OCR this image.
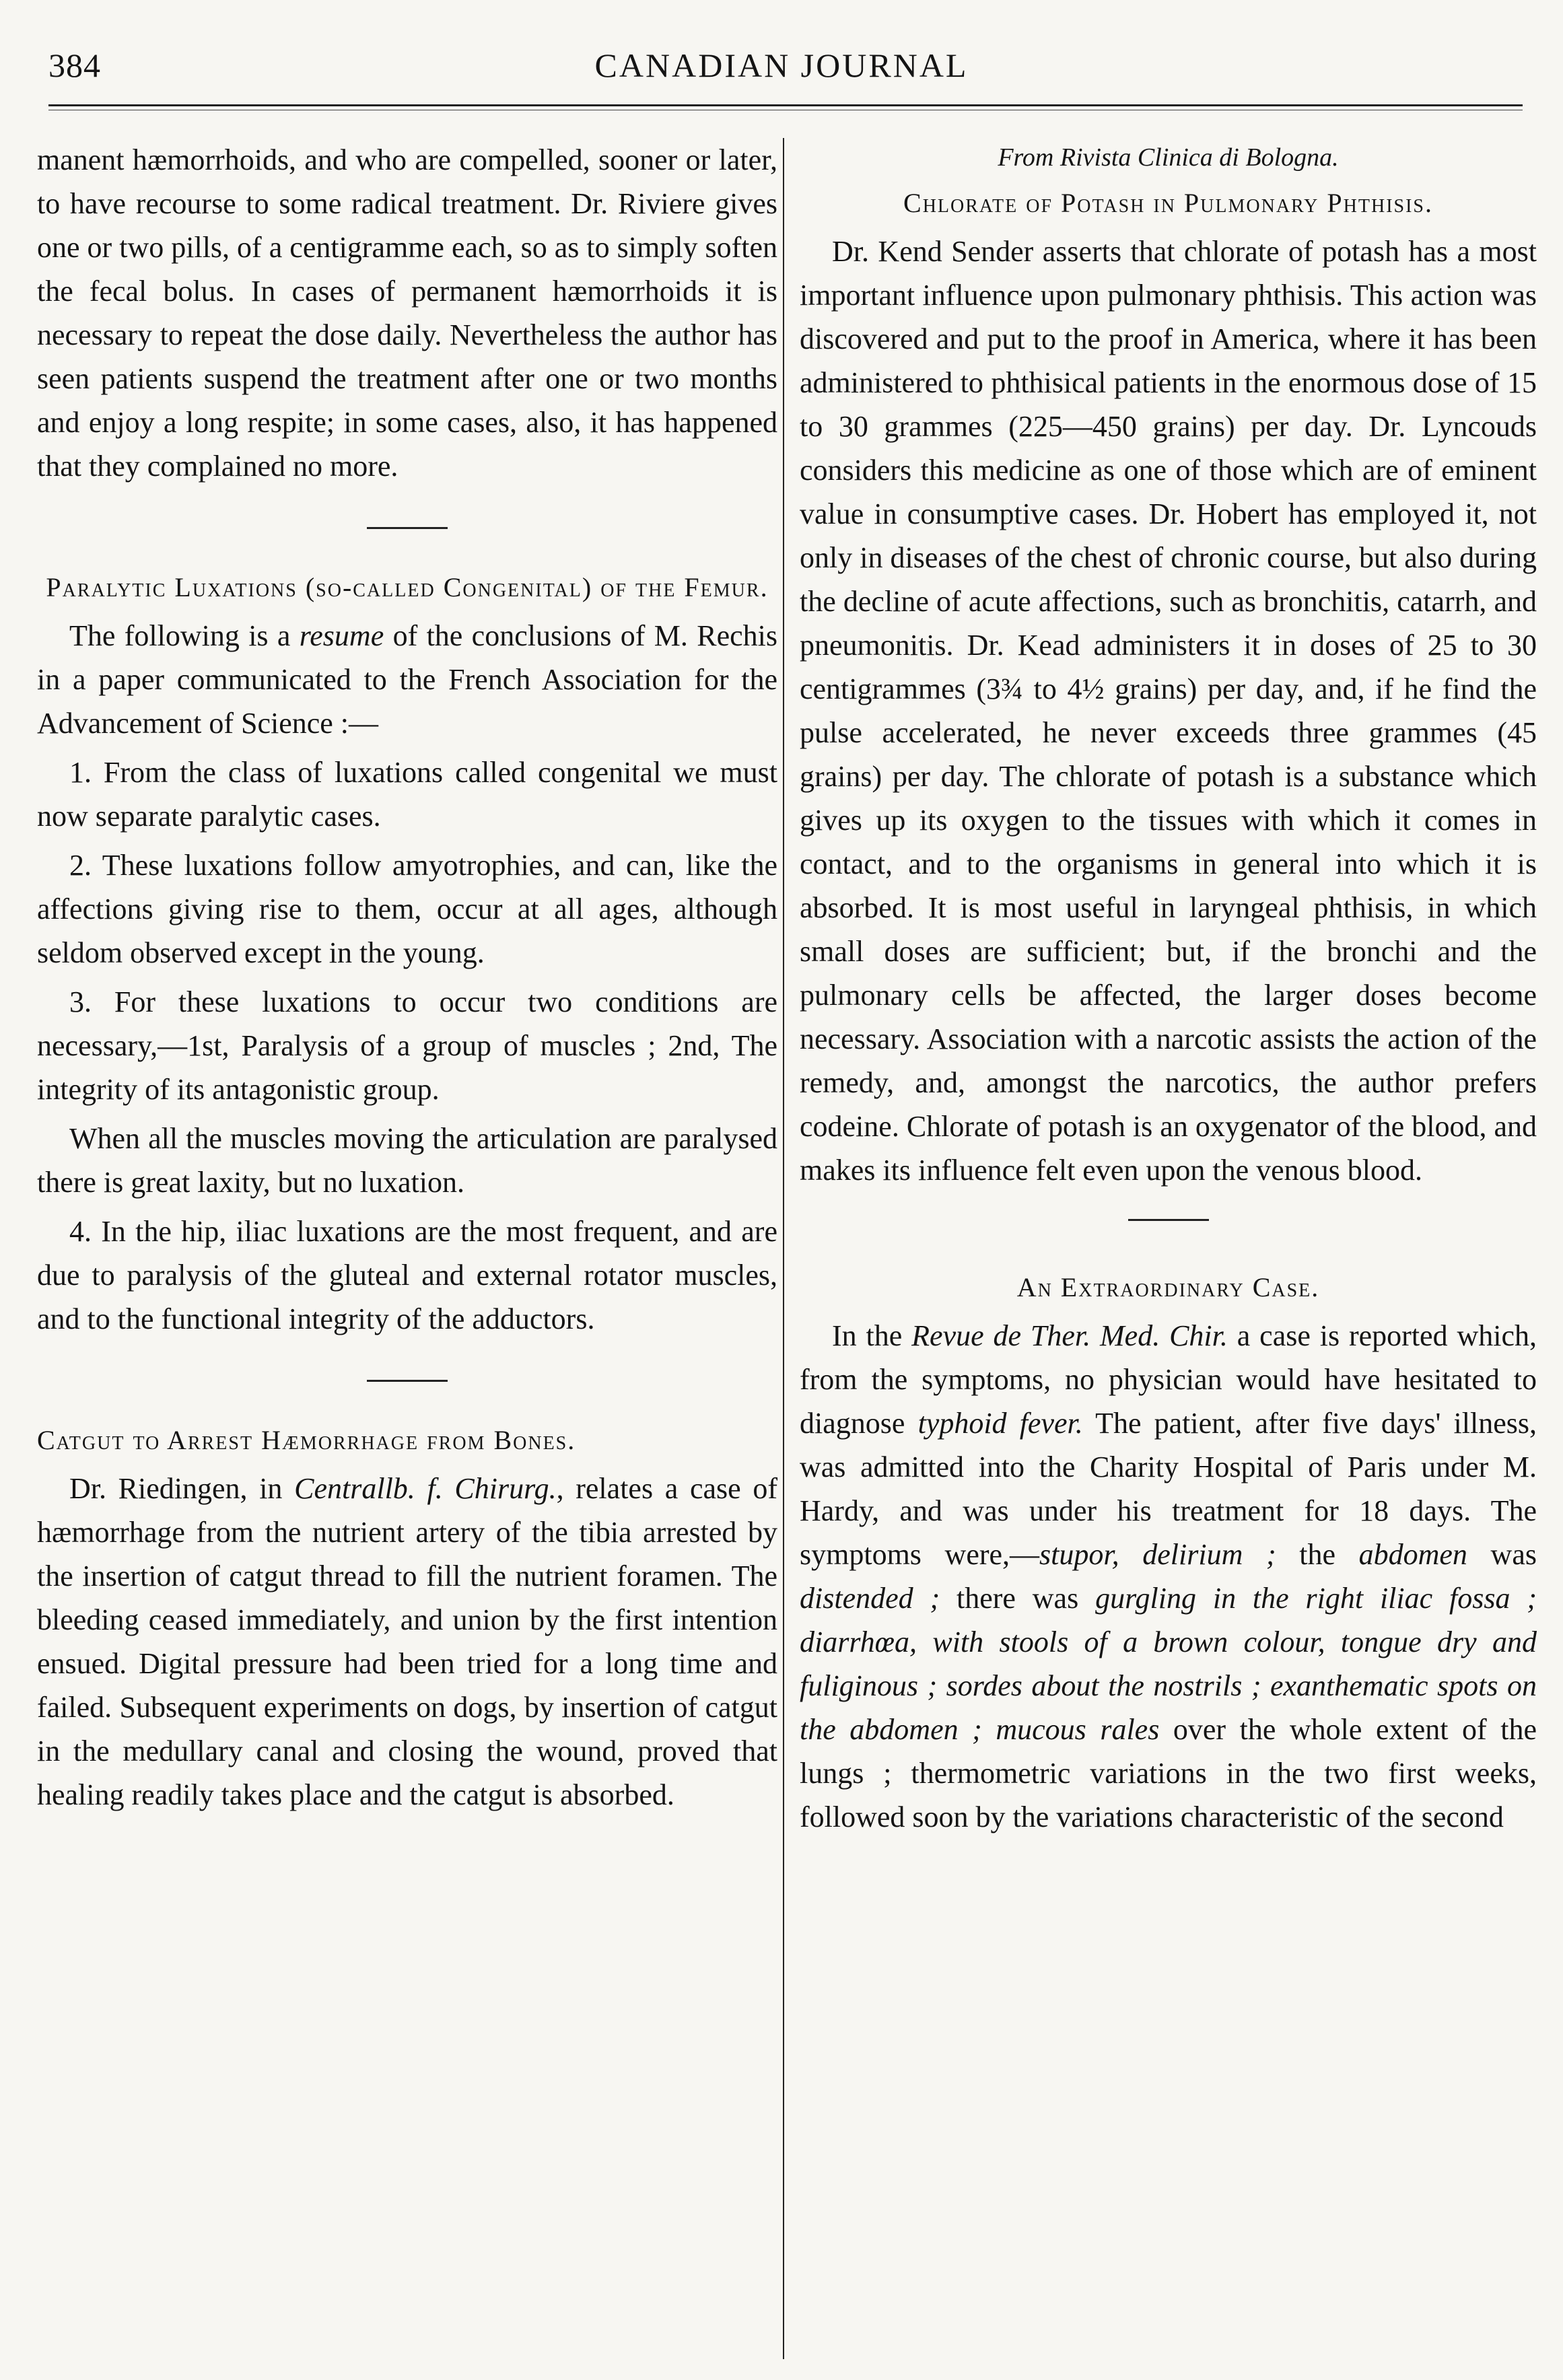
384	CANADIAN JOURNAL

manent hæmorrhoids, and who are compelled, sooner or later, to have recourse to some radical treatment. Dr. Riviere gives one or two pills, of a centigramme each, so as to simply soften the fecal bolus. In cases of permanent hæmorrhoids it is necessary to repeat the dose daily. Nevertheless the author has seen patients suspend the treatment after one or two months and enjoy a long respite; in some cases, also, it has happened that they complained no more.

Paralytic Luxations (so-called Congenital) of the Femur.

The following is a resume of the conclusions of M. Rechis in a paper communicated to the French Association for the Advancement of Science :—

1. From the class of luxations called congenital we must now separate paralytic cases.

2. These luxations follow amyotrophies, and can, like the affections giving rise to them, occur at all ages, although seldom observed except in the young.

3. For these luxations to occur two conditions are necessary,—1st, Paralysis of a group of muscles ; 2nd, The integrity of its antagonistic group.

When all the muscles moving the articulation are paralysed there is great laxity, but no luxation.

4. In the hip, iliac luxations are the most frequent, and are due to paralysis of the gluteal and external rotator muscles, and to the functional integrity of the adductors.

Catgut to Arrest Hæmorrhage from Bones.

Dr. Riedingen, in Centrallb. f. Chirurg., relates a case of hæmorrhage from the nutrient artery of the tibia arrested by the insertion of catgut thread to fill the nutrient foramen. The bleeding ceased immediately, and union by the first intention ensued. Digital pressure had been tried for a long time and failed. Subsequent experiments on dogs, by insertion of catgut in the medullary canal and closing the wound, proved that healing readily takes place and the catgut is absorbed.

From Rivista Clinica di Bologna.
Chlorate of Potash in Pulmonary Phthisis.

Dr. Kend Sender asserts that chlorate of potash has a most important influence upon pulmonary phthisis. This action was discovered and put to the proof in America, where it has been administered to phthisical patients in the enormous dose of 15 to 30 grammes (225—450 grains) per day. Dr. Lyncouds considers this medicine as one of those which are of eminent value in consumptive cases. Dr. Hobert has employed it, not only in diseases of the chest of chronic course, but also during the decline of acute affections, such as bronchitis, catarrh, and pneumonitis. Dr. Kead administers it in doses of 25 to 30 centigrammes (3¾ to 4½ grains) per day, and, if he find the pulse accelerated, he never exceeds three grammes (45 grains) per day. The chlorate of potash is a substance which gives up its oxygen to the tissues with which it comes in contact, and to the organisms in general into which it is absorbed. It is most useful in laryngeal phthisis, in which small doses are sufficient; but, if the bronchi and the pulmonary cells be affected, the larger doses become necessary. Association with a narcotic assists the action of the remedy, and, amongst the narcotics, the author prefers codeine. Chlorate of potash is an oxygenator of the blood, and makes its influence felt even upon the venous blood.

An Extraordinary Case.

In the Revue de Ther. Med. Chir. a case is reported which, from the symptoms, no physician would have hesitated to diagnose typhoid fever. The patient, after five days' illness, was admitted into the Charity Hospital of Paris under M. Hardy, and was under his treatment for 18 days. The symptoms were,—stupor, delirium ; the abdomen was distended ; there was gurgling in the right iliac fossa ; diarrhœa, with stools of a brown colour, tongue dry and fuliginous ; sordes about the nostrils ; exanthematic spots on the abdomen ; mucous rales over the whole extent of the lungs ; thermometric variations in the two first weeks, followed soon by the variations characteristic of the second
